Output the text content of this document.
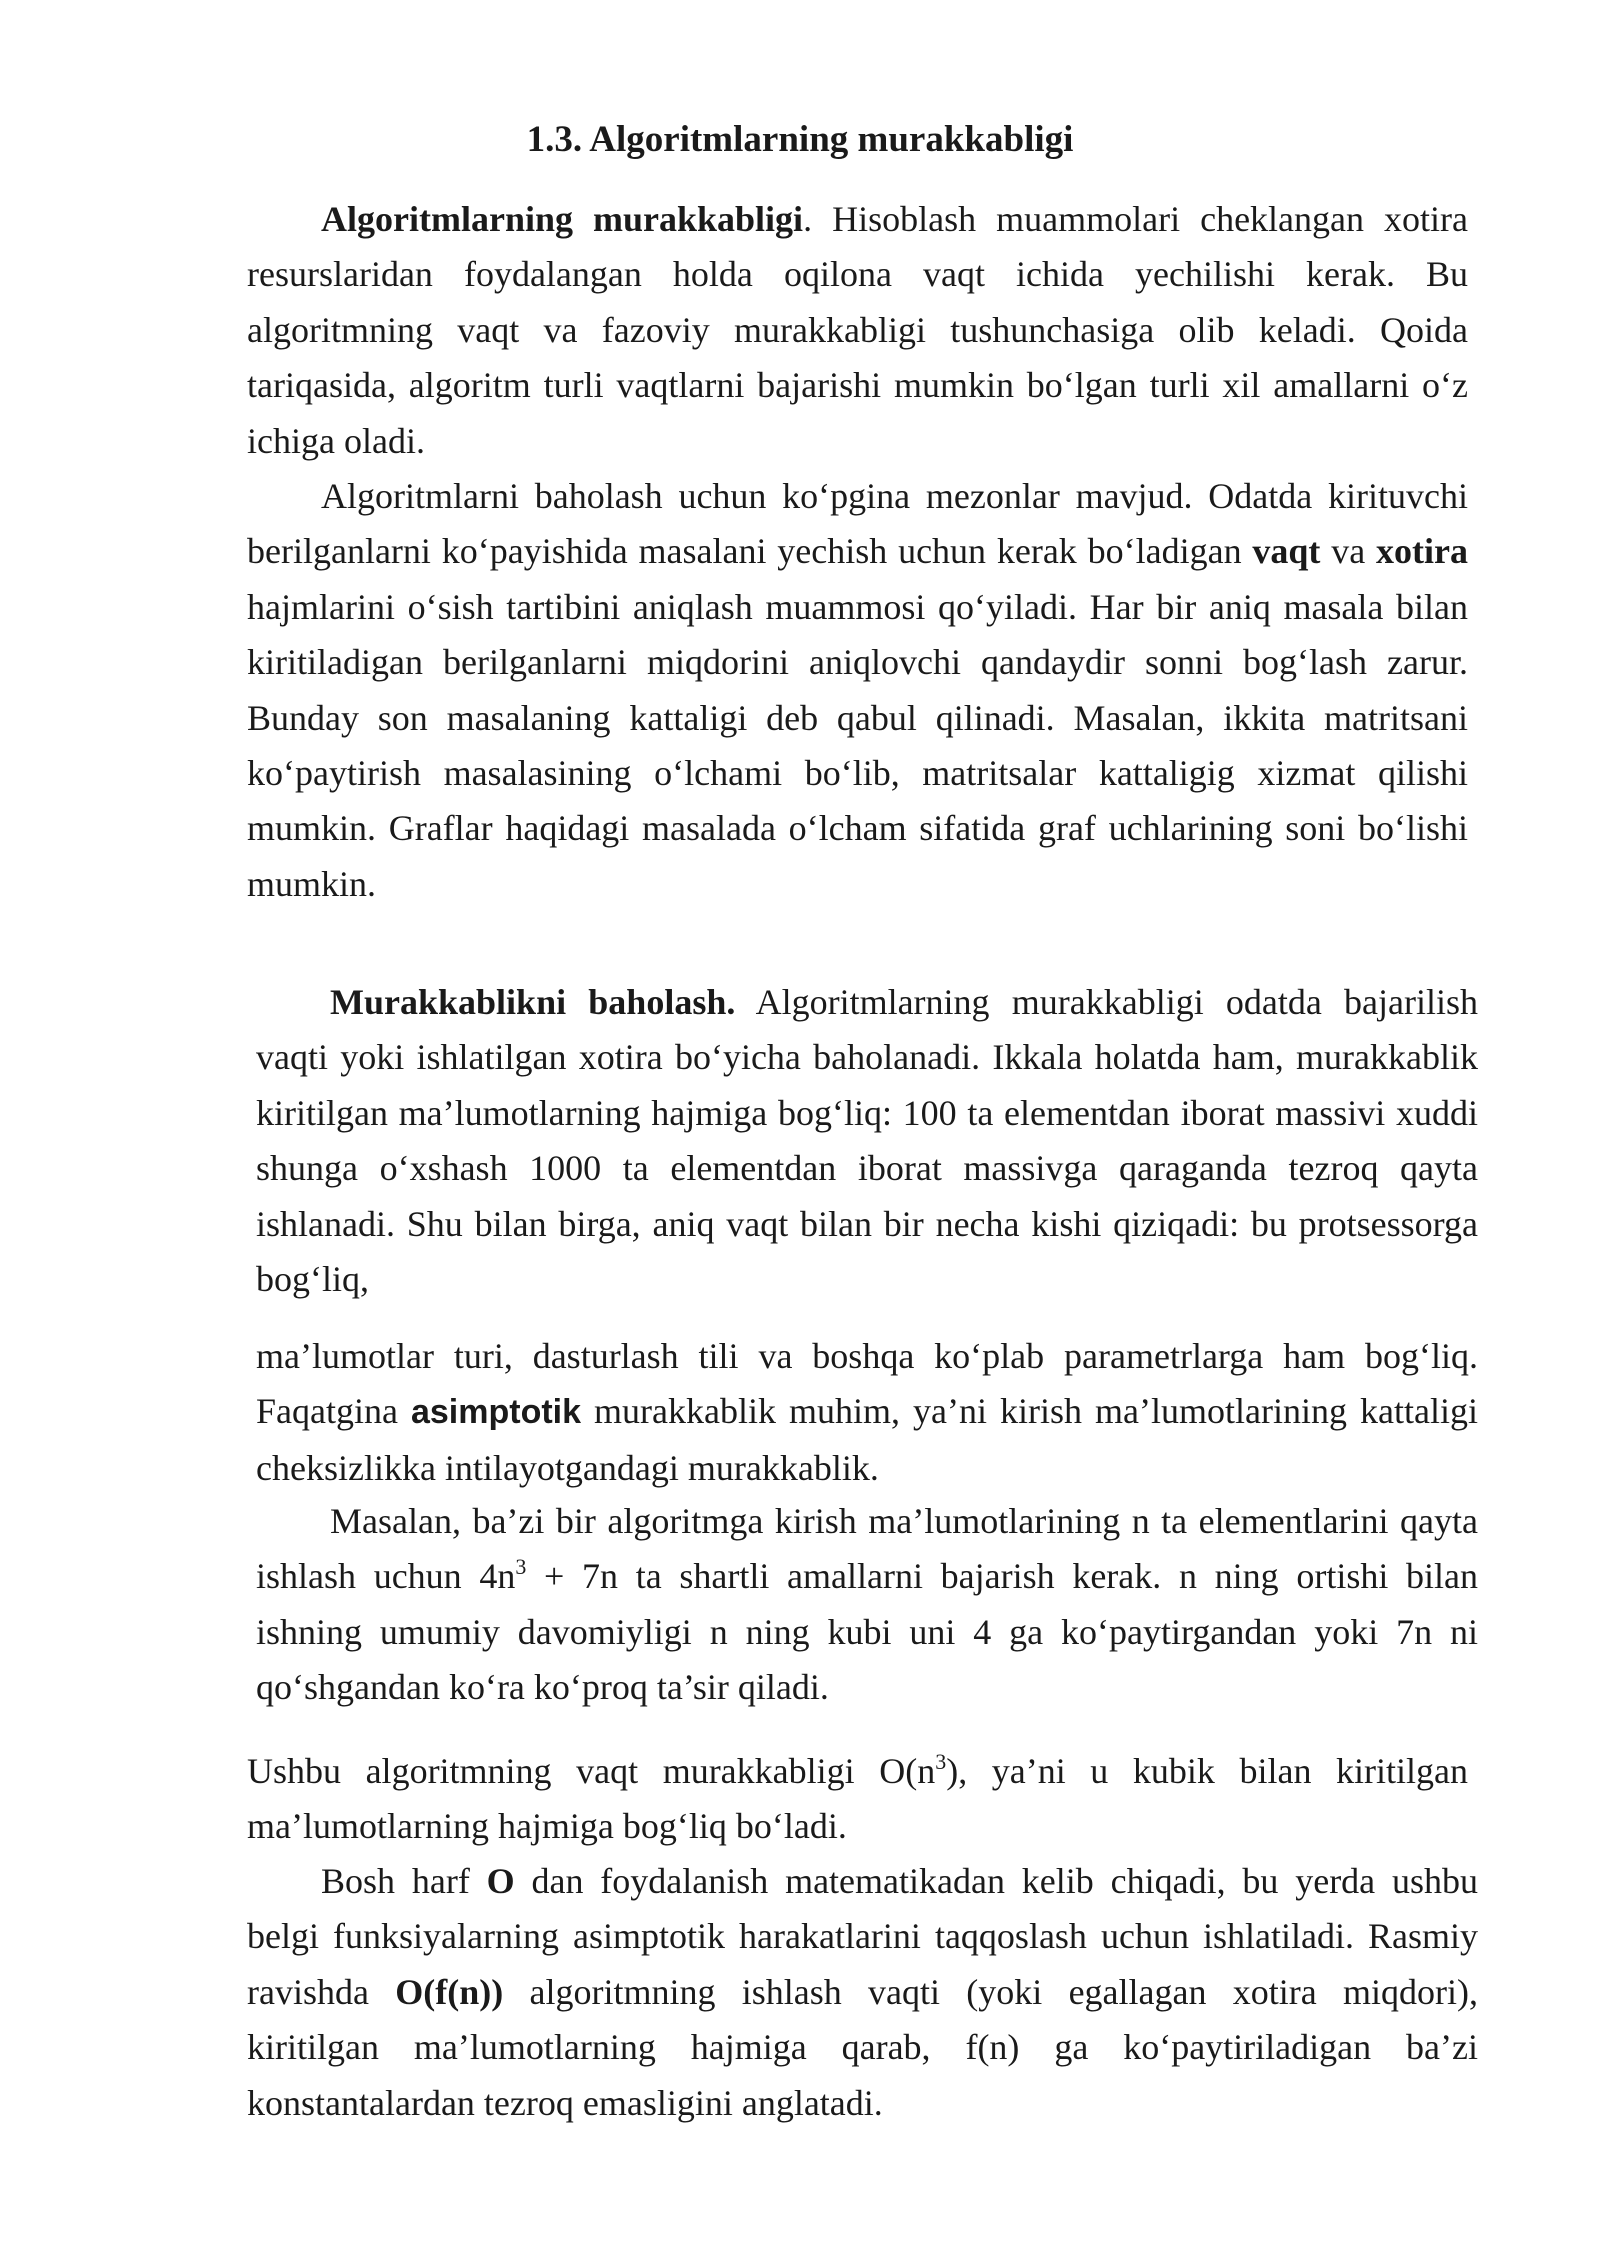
1.3. Algoritmlarning murakkabligi

Algoritmlarning murakkabligi. Hisoblash muammolari cheklangan xotira resurslaridan foydalangan holda oqilona vaqt ichida yechilishi kerak. Bu algoritmning vaqt va fazoviy murakkabligi tushunchasiga olib keladi. Qoida tariqasida, algoritm turli vaqtlarni bajarishi mumkin bo‘lgan turli xil amallarni o‘z ichiga oladi.

Algoritmlarni baholash uchun ko‘pgina mezonlar mavjud. Odatda kirituvchi berilganlarni ko‘payishida masalani yechish uchun kerak bo‘ladigan vaqt va xotira hajmlarini o‘sish tartibini aniqlash muammosi qo‘yiladi. Har bir aniq masala bilan kiritiladigan berilganlarni miqdorini aniqlovchi qandaydir sonni bog‘lash zarur. Bunday son masalaning kattaligi deb qabul qilinadi. Masalan, ikkita matritsani ko‘paytirish masalasining o‘lchami bo‘lib, matritsalar kattaligig xizmat qilishi mumkin. Graflar haqidagi masalada o‘lcham sifatida graf uchlarining soni bo‘lishi mumkin.

Murakkablikni baholash. Algoritmlarning murakkabligi odatda bajarilish vaqti yoki ishlatilgan xotira bo‘yicha baholanadi. Ikkala holatda ham, murakkablik kiritilgan ma’lumotlarning hajmiga bog‘liq: 100 ta elementdan iborat massivi xuddi shunga o‘xshash 1000 ta elementdan iborat massivga qaraganda tezroq qayta ishlanadi. Shu bilan birga, aniq vaqt bilan bir necha kishi qiziqadi: bu protsessorga bog‘liq,

ma’lumotlar turi, dasturlash tili va boshqa ko‘plab parametrlarga ham bog‘liq. Faqatgina asimptotik murakkablik muhim, ya’ni kirish ma’lumotlarining kattaligi cheksizlikka intilayotgandagi murakkablik.

Masalan, ba’zi bir algoritmga kirish ma’lumotlarining n ta elementlarini qayta ishlash uchun $4n^3 + 7n$ ta shartli amallarni bajarish kerak. n ning ortishi bilan ishning umumiy davomiyligi n ning kubi uni 4 ga ko‘paytirgandan yoki 7n ni qo‘shgandan ko‘ra ko‘proq ta’sir qiladi.

Ushbu algoritmning vaqt murakkabligi $O(n^3)$, ya’ni u kubik bilan kiritilgan ma’lumotlarning hajmiga bog‘liq bo‘ladi.

Bosh harf O dan foydalanish matematikadan kelib chiqadi, bu yerda ushbu belgi funksiyalarning asimptotik harakatlarini taqqoslash uchun ishlatiladi. Rasmiy ravishda O(f(n)) algoritmning ishlash vaqti (yoki egallagan xotira miqdori), kiritilgan ma’lumotlarning hajmiga qarab, f(n) ga ko‘paytiriladigan ba’zi konstantalardan tezroq emasligini anglatadi.
